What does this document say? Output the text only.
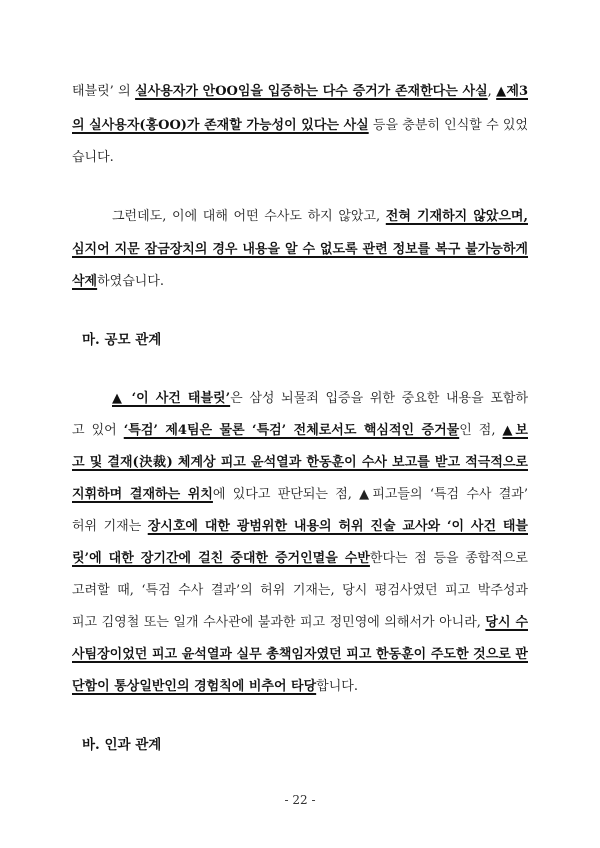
태블릿’ 의 실사용자가 안OO임을 입증하는 다수 증거가 존재한다는 사실, ▲제3
의 실사용자(홍OO)가 존재할 가능성이 있다는 사실 등을 충분히 인식할 수 있었
습니다.
그런데도, 이에 대해 어떤 수사도 하지 않았고, 전혀 기재하지 않았으며,
심지어 지문 잠금장치의 경우 내용을 알 수 없도록 관련 정보를 복구 불가능하게
삭제하였습니다.
마. 공모 관계
▲ ‘이 사건 태블릿’은 삼성 뇌물죄 입증을 위한 중요한 내용을 포함하
고 있어 ‘특검’ 제4팀은 물론 ‘특검’ 전체로서도 핵심적인 증거물인 점, ▲보
고 및 결재(決裁) 체계상 피고 윤석열과 한동훈이 수사 보고를 받고 적극적으로
지휘하며 결재하는 위치에 있다고 판단되는 점, ▲피고들의 ‘특검 수사 결과’
허위 기재는 장시호에 대한 광범위한 내용의 허위 진술 교사와 ‘이 사건 태블
릿’에 대한 장기간에 걸친 중대한 증거인멸을 수반한다는 점 등을 종합적으로
고려할 때, ‘특검 수사 결과’의 허위 기재는, 당시 평검사였던 피고 박주성과
피고 김영철 또는 일개 수사관에 불과한 피고 정민영에 의해서가 아니라, 당시 수
사팀장이었던 피고 윤석열과 실무 총책임자였던 피고 한동훈이 주도한 것으로 판
단함이 통상일반인의 경험칙에 비추어 타당합니다.
바. 인과 관계
- 22 -
